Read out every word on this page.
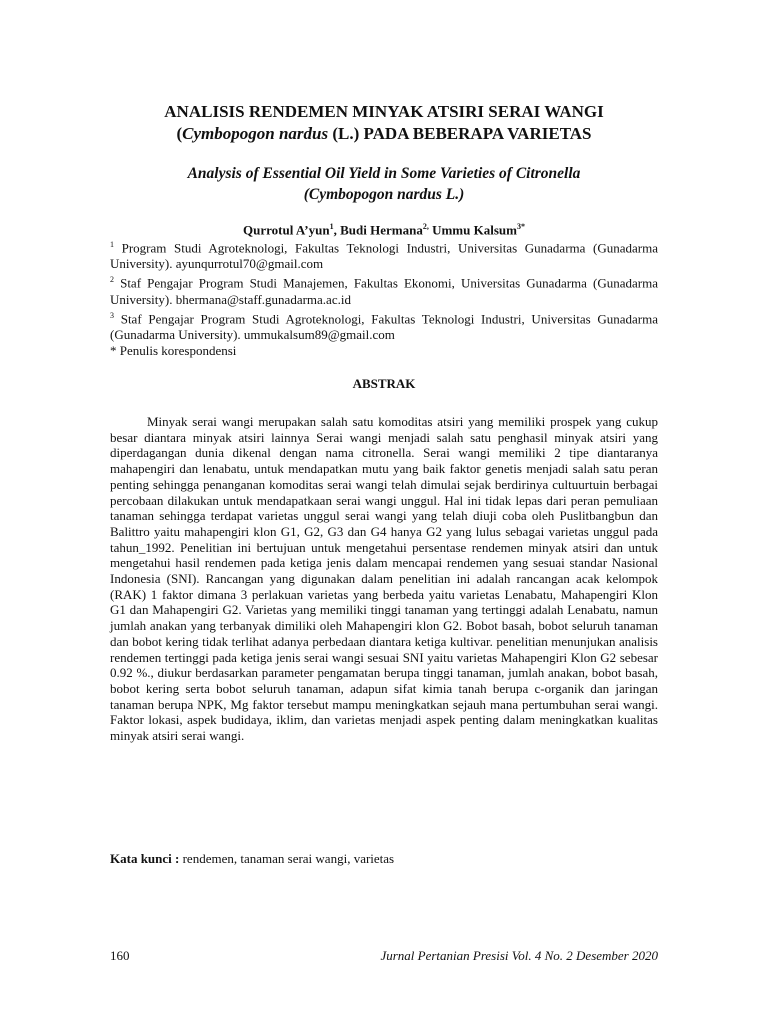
ANALISIS RENDEMEN MINYAK ATSIRI SERAI WANGI
(Cymbopogon nardus (L.) PADA BEBERAPA VARIETAS
Analysis of Essential Oil Yield in Some Varieties of Citronella
(Cymbopogon nardus L.)
Qurrotul A’yun$^1$, Budi Hermana$^{2,}$ Ummu Kalsum$^{3*}$

$^1$ Program Studi Agroteknologi, Fakultas Teknologi Industri, Universitas Gunadarma (Gunadarma University). ayunqurrotul70@gmail.com

$^2$ Staf Pengajar Program Studi Manajemen, Fakultas Ekonomi, Universitas Gunadarma (Gunadarma University). bhermana@staff.gunadarma.ac.id

$^3$ Staf Pengajar Program Studi Agroteknologi, Fakultas Teknologi Industri, Universitas Gunadarma (Gunadarma University). ummukalsum89@gmail.com

* Penulis korespondensi

ABSTRAK

Minyak serai wangi merupakan salah satu komoditas atsiri yang memiliki prospek yang cukup besar diantara minyak atsiri lainnya Serai wangi menjadi salah satu penghasil minyak atsiri yang diperdagangan dunia dikenal dengan nama citronella. Serai wangi memiliki 2 tipe diantaranya mahapengiri dan lenabatu, untuk mendapatkan mutu yang baik faktor genetis menjadi salah satu peran penting sehingga penanganan komoditas serai wangi telah dimulai sejak berdirinya cultuurtuin berbagai percobaan dilakukan untuk mendapatkaan serai wangi unggul. Hal ini tidak lepas dari peran pemuliaan tanaman sehingga terdapat varietas unggul serai wangi yang telah diuji coba oleh Puslitbangbun dan Balittro yaitu mahapengiri klon G1, G2, G3 dan G4 hanya G2 yang lulus sebagai varietas unggul pada tahun_1992. Penelitian ini bertujuan untuk mengetahui persentase rendemen minyak atsiri dan untuk mengetahui hasil rendemen pada ketiga jenis dalam mencapai rendemen yang sesuai standar Nasional Indonesia (SNI). Rancangan yang digunakan dalam penelitian ini adalah rancangan acak kelompok (RAK) 1 faktor dimana 3 perlakuan varietas yang berbeda yaitu varietas Lenabatu, Mahapengiri Klon G1 dan Mahapengiri G2. Varietas yang memiliki tinggi tanaman yang tertinggi adalah Lenabatu, namun jumlah anakan yang terbanyak dimiliki oleh Mahapengiri klon G2. Bobot basah, bobot seluruh tanaman dan bobot kering tidak terlihat adanya perbedaan diantara ketiga kultivar. penelitian menunjukan analisis rendemen tertinggi pada ketiga jenis serai wangi sesuai SNI yaitu varietas Mahapengiri Klon G2 sebesar 0.92 %., diukur berdasarkan parameter pengamatan berupa tinggi tanaman, jumlah anakan, bobot basah, bobot kering serta bobot seluruh tanaman, adapun sifat kimia tanah berupa c-organik dan jaringan tanaman berupa NPK, Mg faktor tersebut mampu meningkatkan sejauh mana pertumbuhan serai wangi. Faktor lokasi, aspek budidaya, iklim, dan varietas menjadi aspek penting dalam meningkatkan kualitas minyak atsiri serai wangi.

Kata kunci : rendemen, tanaman serai wangi, varietas
160	Jurnal Pertanian Presisi Vol. 4 No. 2 Desember 2020
